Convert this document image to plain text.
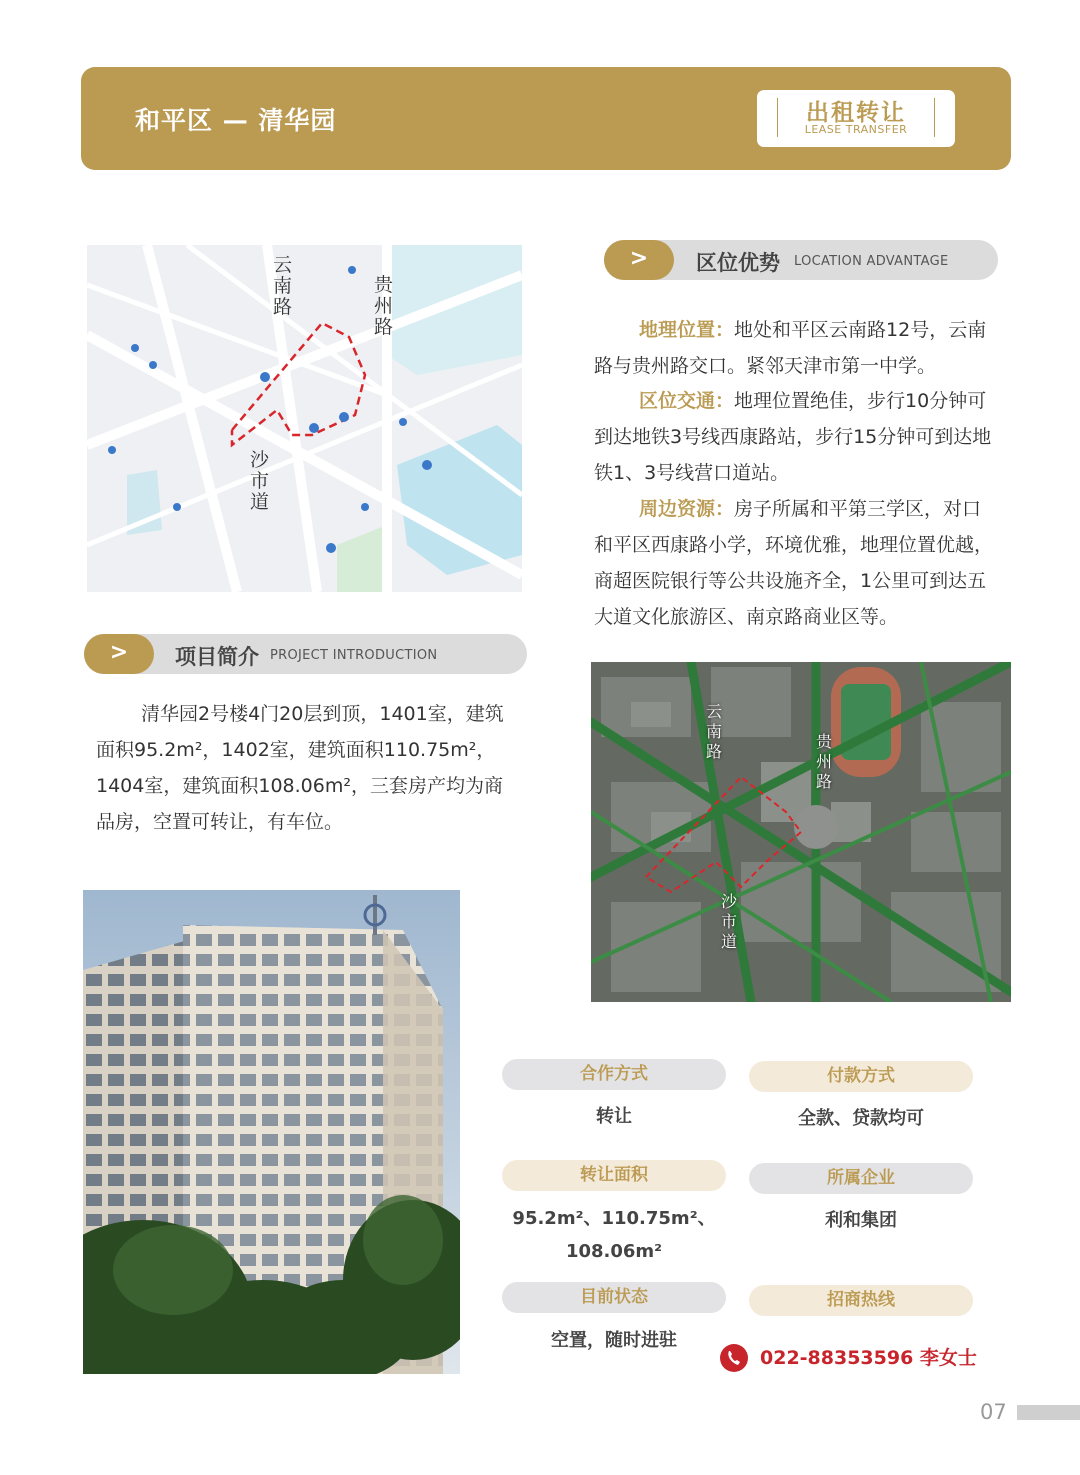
和平区 — 清华园	出租转让
LEASE TRANSFER
云南路
贵州路
沙市道
>	区位优势 LOCATION ADVANTAGE
地理位置：地处和平区云南路12号，云南路与贵州路交口。紧邻天津市第一中学。
区位交通：地理位置绝佳，步行10分钟可到达地铁3号线西康路站，步行15分钟可到达地铁1、3号线营口道站。
周边资源：房子所属和平第三学区，对口和平区西康路小学，环境优雅，地理位置优越，商超医院银行等公共设施齐全，1公里可到达五大道文化旅游区、南京路商业区等。
>	项目简介 PROJECT INTRODUCTION
清华园2号楼4门20层到顶，1401室，建筑面积95.2m²，1402室，建筑面积110.75m²，1404室，建筑面积108.06m²，三套房产均为商品房，空置可转让，有车位。
云南路
贵州路
沙市道
合作方式
转让
付款方式
全款、贷款均可
转让面积
95.2m²、110.75m²、
108.06m²
所属企业
利和集团
目前状态
空置，随时进驻
招商热线
022-88353596 李女士
07
